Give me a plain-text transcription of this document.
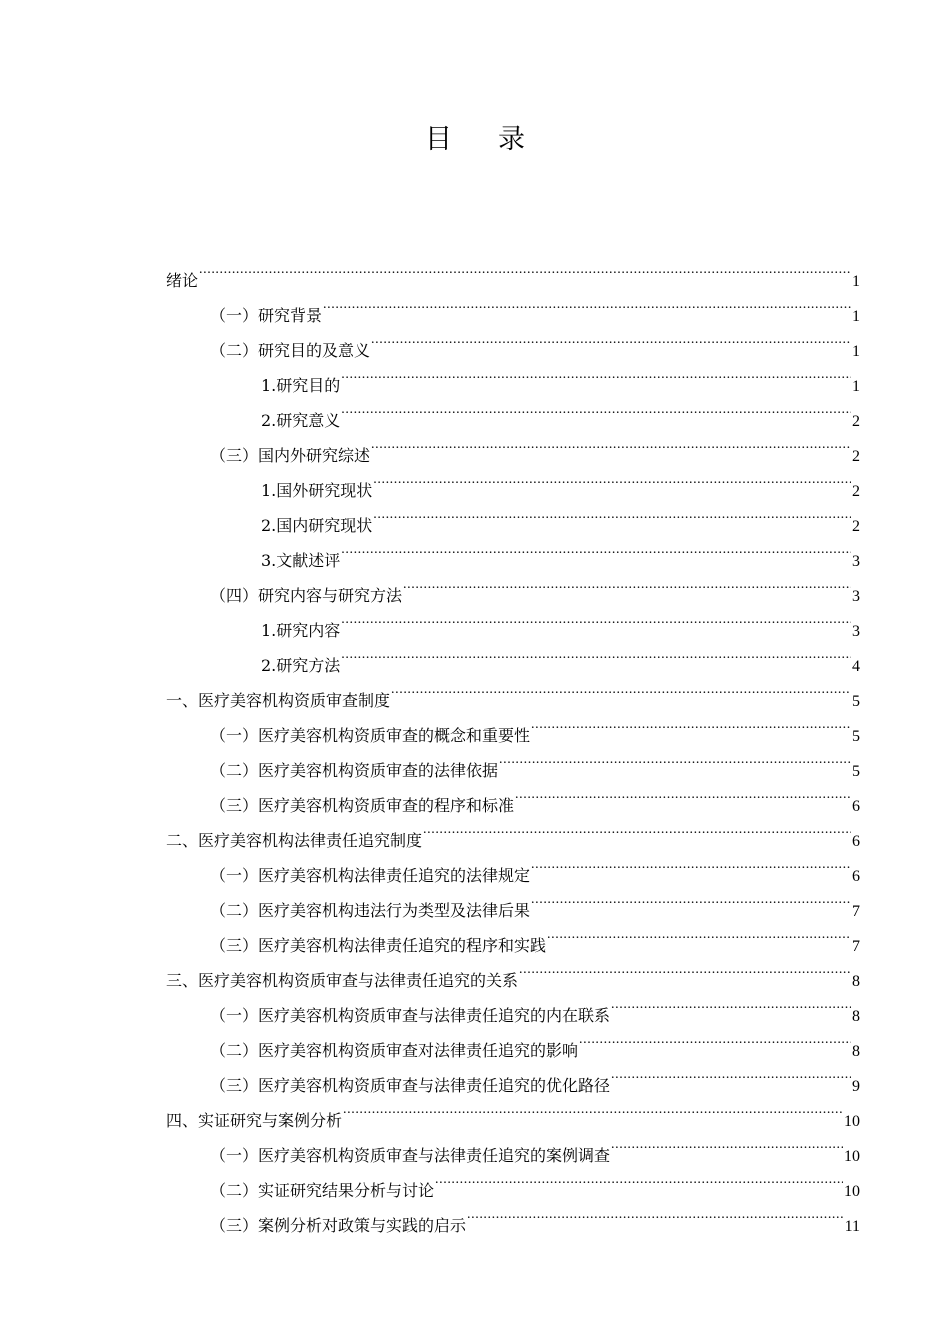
目录
绪论 .....	1
（一）研究背景 .....	1
（二）研究目的及意义 .....	1
1.研究目的 .....	1
2.研究意义 .....	2
（三）国内外研究综述 .....	2
1.国外研究现状 .....	2
2.国内研究现状 .....	2
3.文献述评 .....	3
（四）研究内容与研究方法 .....	3
1.研究内容 .....	3
2.研究方法 .....	4
一、医疗美容机构资质审查制度 .....	5
（一）医疗美容机构资质审查的概念和重要性 .....	5
（二）医疗美容机构资质审查的法律依据 .....	5
（三）医疗美容机构资质审查的程序和标准 .....	6
二、医疗美容机构法律责任追究制度 .....	6
（一）医疗美容机构法律责任追究的法律规定 .....	6
（二）医疗美容机构违法行为类型及法律后果 .....	7
（三）医疗美容机构法律责任追究的程序和实践 .....	7
三、医疗美容机构资质审查与法律责任追究的关系 .....	8
（一）医疗美容机构资质审查与法律责任追究的内在联系 .....	8
（二）医疗美容机构资质审查对法律责任追究的影响 .....	8
（三）医疗美容机构资质审查与法律责任追究的优化路径 .....	9
四、实证研究与案例分析 .....	10
（一）医疗美容机构资质审查与法律责任追究的案例调查 .....	10
（二）实证研究结果分析与讨论 .....	10
（三）案例分析对政策与实践的启示 .....	11
